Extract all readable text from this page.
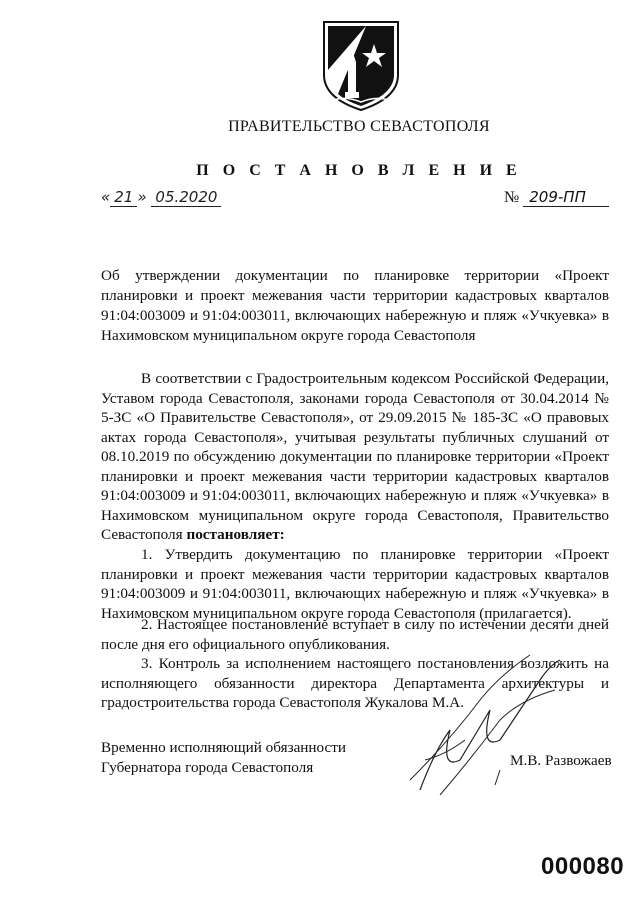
ПРАВИТЕЛЬСТВО СЕВАСТОПОЛЯ
П О С Т А Н О В Л Е Н И Е
« 21 » 05.2020	№ 209-ПП
Об утверждении документации по планировке территории «Проект планировки и проект межевания части территории кадастровых кварталов 91:04:003009 и 91:04:003011, включающих набережную и пляж «Учкуевка» в Нахимовском муниципальном округе города Севастополя
В соответствии с Градостроительным кодексом Российской Федерации, Уставом города Севастополя, законами города Севастополя от 30.04.2014 № 5-ЗС «О Правительстве Севастополя», от 29.09.2015 № 185-ЗС «О правовых актах города Севастополя», учитывая результаты публичных слушаний от 08.10.2019 по обсуждению документации по планировке территории «Проект планировки и проект межевания части территории кадастровых кварталов 91:04:003009 и 91:04:003011, включающих набережную и пляж «Учкуевка» в Нахимовском муниципальном округе города Севастополя, Правительство Севастополя постановляет:
1. Утвердить документацию по планировке территории «Проект планировки и проект межевания части территории кадастровых кварталов 91:04:003009 и 91:04:003011, включающих набережную и пляж «Учкуевка» в Нахимовском муниципальном округе города Севастополя (прилагается).
2. Настоящее постановление вступает в силу по истечении десяти дней после дня его официального опубликования.
3. Контроль за исполнением настоящего постановления возложить на исполняющего обязанности директора Департамента архитектуры и градостроительства города Севастополя Жукалова М.А.
Временно исполняющий обязанности
Губернатора города Севастополя	М.В. Развожаев
000080
